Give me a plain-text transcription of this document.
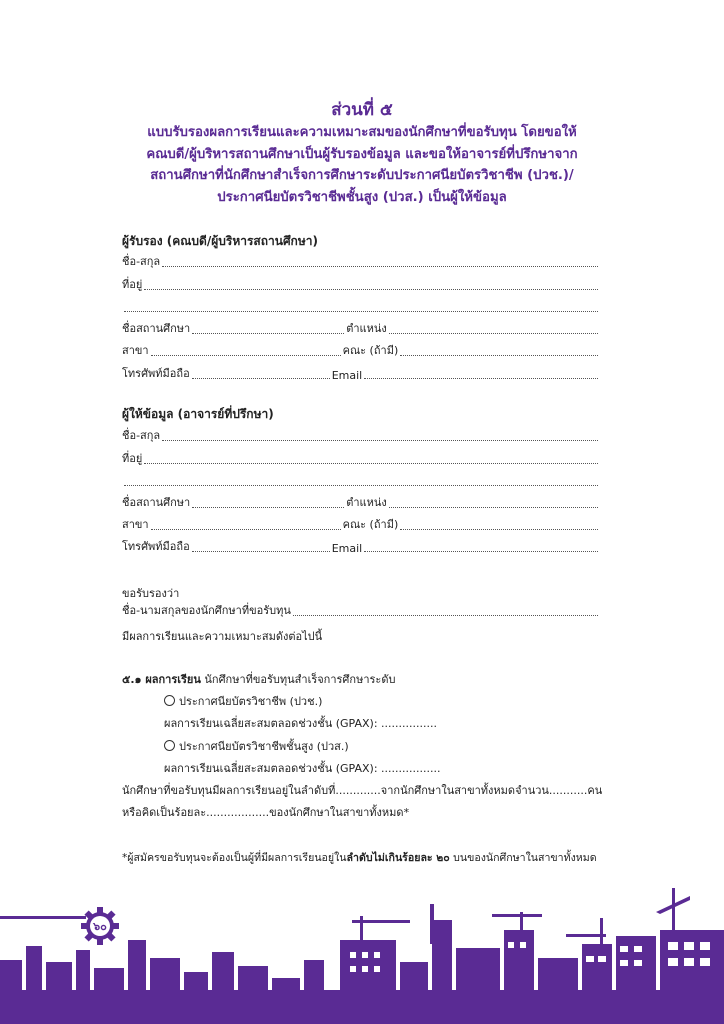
ส่วนที่ ๕
แบบรับรองผลการเรียนและความเหมาะสมของนักศึกษาที่ขอรับทุน โดยขอให้
คณบดี/ผู้บริหารสถานศึกษาเป็นผู้รับรองข้อมูล และขอให้อาจารย์ที่ปรึกษาจาก
สถานศึกษาที่นักศึกษาสำเร็จการศึกษาระดับประกาศนียบัตรวิชาชีพ (ปวช.)/
ประกาศนียบัตรวิชาชีพชั้นสูง (ปวส.) เป็นผู้ให้ข้อมูล
ผู้รับรอง (คณบดี/ผู้บริหารสถานศึกษา)
ชื่อ-สกุล
ที่อยู่
ชื่อสถานศึกษา	ตำแหน่ง
สาขา	คณะ (ถ้ามี)
โทรศัพท์มือถือ	Email
ผู้ให้ข้อมูล (อาจารย์ที่ปรึกษา)
ชื่อ-สกุล
ที่อยู่
ชื่อสถานศึกษา	ตำแหน่ง
สาขา	คณะ (ถ้ามี)
โทรศัพท์มือถือ	Email
ขอรับรองว่า
ชื่อ-นามสกุลของนักศึกษาที่ขอรับทุน
มีผลการเรียนและความเหมาะสมดังต่อไปนี้
๕.๑ ผลการเรียน นักศึกษาที่ขอรับทุนสำเร็จการศึกษาระดับ
ประกาศนียบัตรวิชาชีพ (ปวช.)
ผลการเรียนเฉลี่ยสะสมตลอดช่วงชั้น (GPAX): ................
ประกาศนียบัตรวิชาชีพชั้นสูง (ปวส.)
ผลการเรียนเฉลี่ยสะสมตลอดช่วงชั้น (GPAX): .................
นักศึกษาที่ขอรับทุนมีผลการเรียนอยู่ในลำดับที่.............จากนักศึกษาในสาขาทั้งหมดจำนวน...........คน
หรือคิดเป็นร้อยละ..................ของนักศึกษาในสาขาทั้งหมด*
*ผู้สมัครขอรับทุนจะต้องเป็นผู้ที่มีผลการเรียนอยู่ในลำดับไม่เกินร้อยละ ๒๐ บนของนักศึกษาในสาขาทั้งหมด
๖๐
